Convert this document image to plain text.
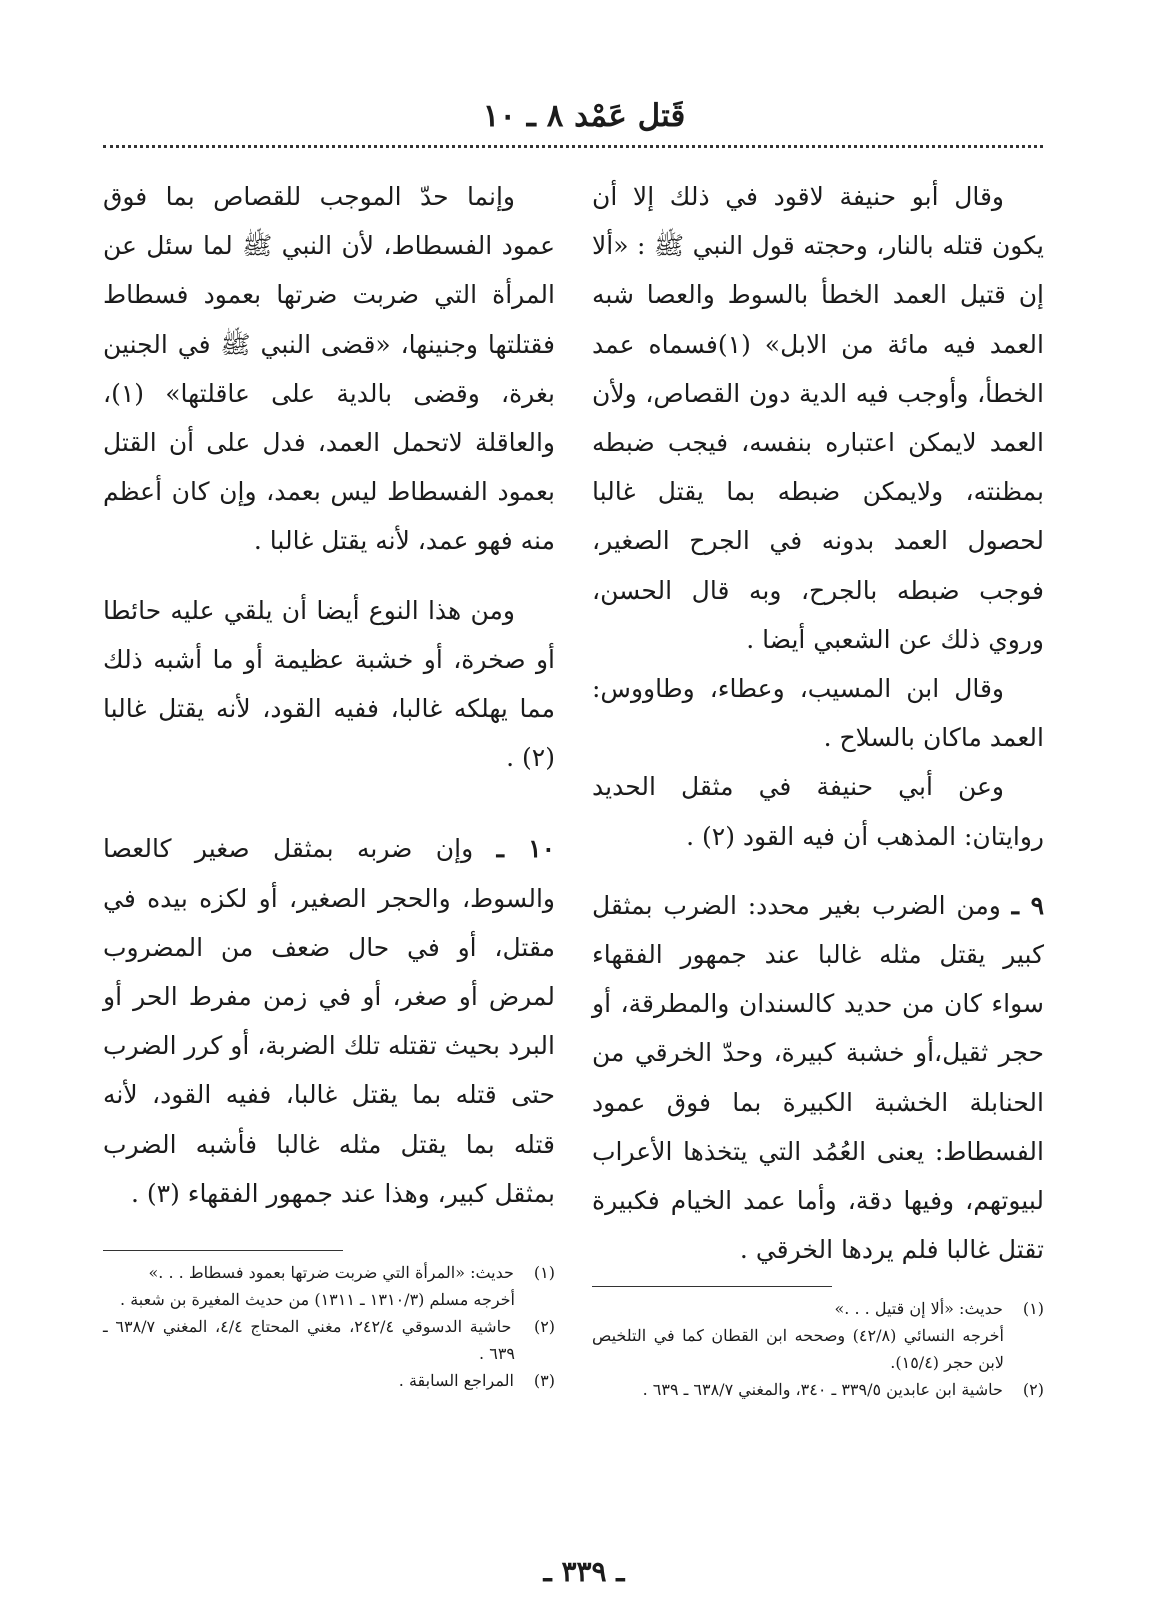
قَتل عَمْد ٨ ـ ١٠

وقال أبو حنيفة لاقود في ذلك إلا أن يكون قتله بالنار، وحجته قول النبي ﷺ : «ألا إن قتيل العمد الخطأ بالسوط والعصا شبه العمد فيه مائة من الابل» (١)فسماه عمد الخطأ، وأوجب فيه الدية دون القصاص، ولأن العمد لايمكن اعتباره بنفسه، فيجب ضبطه بمظنته، ولايمكن ضبطه بما يقتل غالبا لحصول العمد بدونه في الجرح الصغير، فوجب ضبطه بالجرح، وبه قال الحسن، وروي ذلك عن الشعبي أيضا .

وقال ابن المسيب، وعطاء، وطاووس: العمد ماكان بالسلاح .

وعن أبي حنيفة في مثقل الحديد روايتان: المذهب أن فيه القود (٢) .

٩ ـ ومن الضرب بغير محدد: الضرب بمثقل كبير يقتل مثله غالبا عند جمهور الفقهاء سواء كان من حديد كالسندان والمطرقة، أو حجر ثقيل،أو خشبة كبيرة، وحدّ الخرقي من الحنابلة الخشبة الكبيرة بما فوق عمود الفسطاط: يعنى العُمُد التي يتخذها الأعراب لبيوتهم، وفيها دقة، وأما عمد الخيام فكبيرة تقتل غالبا فلم يردها الخرقي .

(١) حديث: «ألا إن قتيل . . .»
أخرجه النسائي (٤٢/٨) وصححه ابن القطان كما في التلخيص لابن حجر (١٥/٤).

(٢) حاشية ابن عابدين ٣٣٩/٥ ـ ٣٤٠، والمغني ٦٣٨/٧ ـ ٦٣٩ .

وإنما حدّ الموجب للقصاص بما فوق عمود الفسطاط، لأن النبي ﷺ لما سئل عن المرأة التي ضربت ضرتها بعمود فسطاط فقتلتها وجنينها، «قضى النبي ﷺ في الجنين بغرة، وقضى بالدية على عاقلتها» (١)، والعاقلة لاتحمل العمد، فدل على أن القتل بعمود الفسطاط ليس بعمد، وإن كان أعظم منه فهو عمد، لأنه يقتل غالبا .

ومن هذا النوع أيضا أن يلقي عليه حائطا أو صخرة، أو خشبة عظيمة أو ما أشبه ذلك مما يهلكه غالبا، ففيه القود، لأنه يقتل غالبا (٢) .

١٠ ـ وإن ضربه بمثقل صغير كالعصا والسوط، والحجر الصغير، أو لكزه بيده في مقتل، أو في حال ضعف من المضروب لمرض أو صغر، أو في زمن مفرط الحر أو البرد بحيث تقتله تلك الضربة، أو كرر الضرب حتى قتله بما يقتل غالبا، ففيه القود، لأنه قتله بما يقتل مثله غالبا فأشبه الضرب بمثقل كبير، وهذا عند جمهور الفقهاء (٣) .

(١) حديث: «المرأة التي ضربت ضرتها بعمود فسطاط . . .»
أخرجه مسلم (١٣١٠/٣ ـ ١٣١١) من حديث المغيرة بن شعبة .

(٢) حاشية الدسوقي ٢٤٢/٤، مغني المحتاج ٤/٤، المغني ٦٣٨/٧ ـ ٦٣٩ .

(٣) المراجع السابقة .

ـ ٣٣٩ ـ
